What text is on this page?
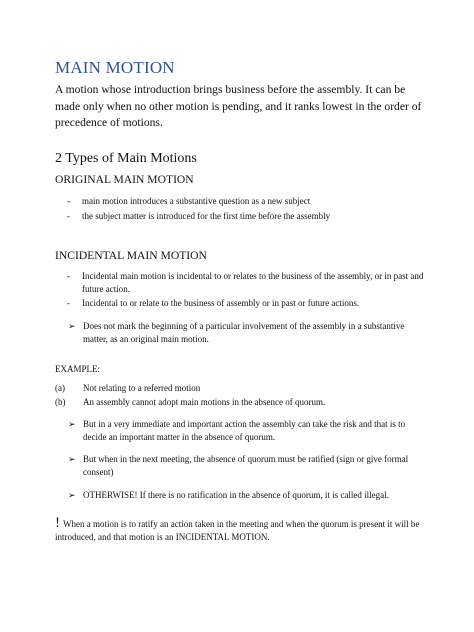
MAIN MOTION

A motion whose introduction brings business before the assembly. It can be made only when no other motion is pending, and it ranks lowest in the order of precedence of motions.

2 Types of Main Motions
ORIGINAL MAIN MOTION
- main motion introduces a substantive question as a new subject
- the subject matter is introduced for the first time before the assembly
INCIDENTAL MAIN MOTION
- Incidental main motion is incidental to or relates to the business of the assembly, or in past and future action.
- Incidental to or relate to the business of assembly or in past or future actions.
➢ Does not mark the beginning of a particular involvement of the assembly in a substantive matter, as an original main motion.

EXAMPLE:

(a) Not relating to a referred motion
(b) An assembly cannot adopt main motions in the absence of quorum.
➢ But in a very immediate and important action the assembly can take the risk and that is to decide an important matter in the absence of quorum.
➢ But when in the next meeting, the absence of quorum must be ratified (sign or give formal consent)
➢ OTHERWISE! If there is no ratification in the absence of quorum, it is called illegal.

! When a motion is to ratify an action taken in the meeting and when the quorum is present it will be introduced, and that motion is an INCIDENTAL MOTION.
